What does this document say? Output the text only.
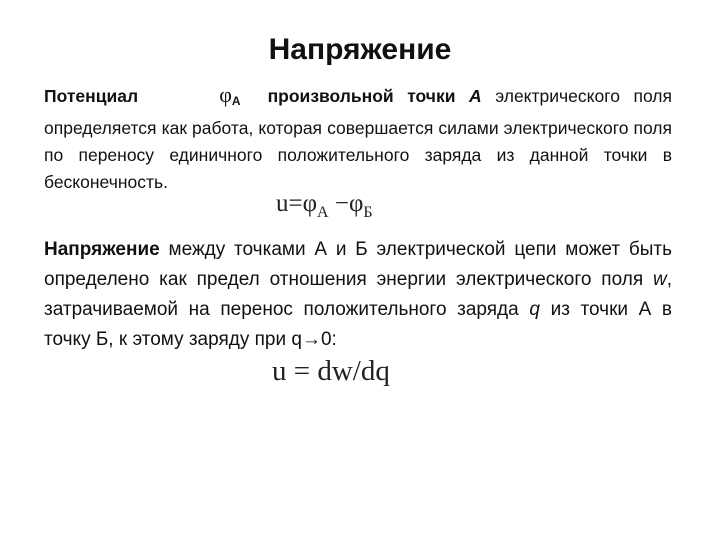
Напряжение
Потенциал	$\varphi_А$ произвольной точки А электрического поля определяется как работа, которая совершается силами электрического поля по переносу единичного положительного заряда из данной точки в бесконечность.
$u=\varphi_А -\varphi_Б$
Напряжение между точками А и Б электрической цепи может быть определено как предел отношения энергии электрического поля w, затрачиваемой на перенос положительного заряда q из точки А в точку Б, к этому заряду при q→0:
u = dw/dq
